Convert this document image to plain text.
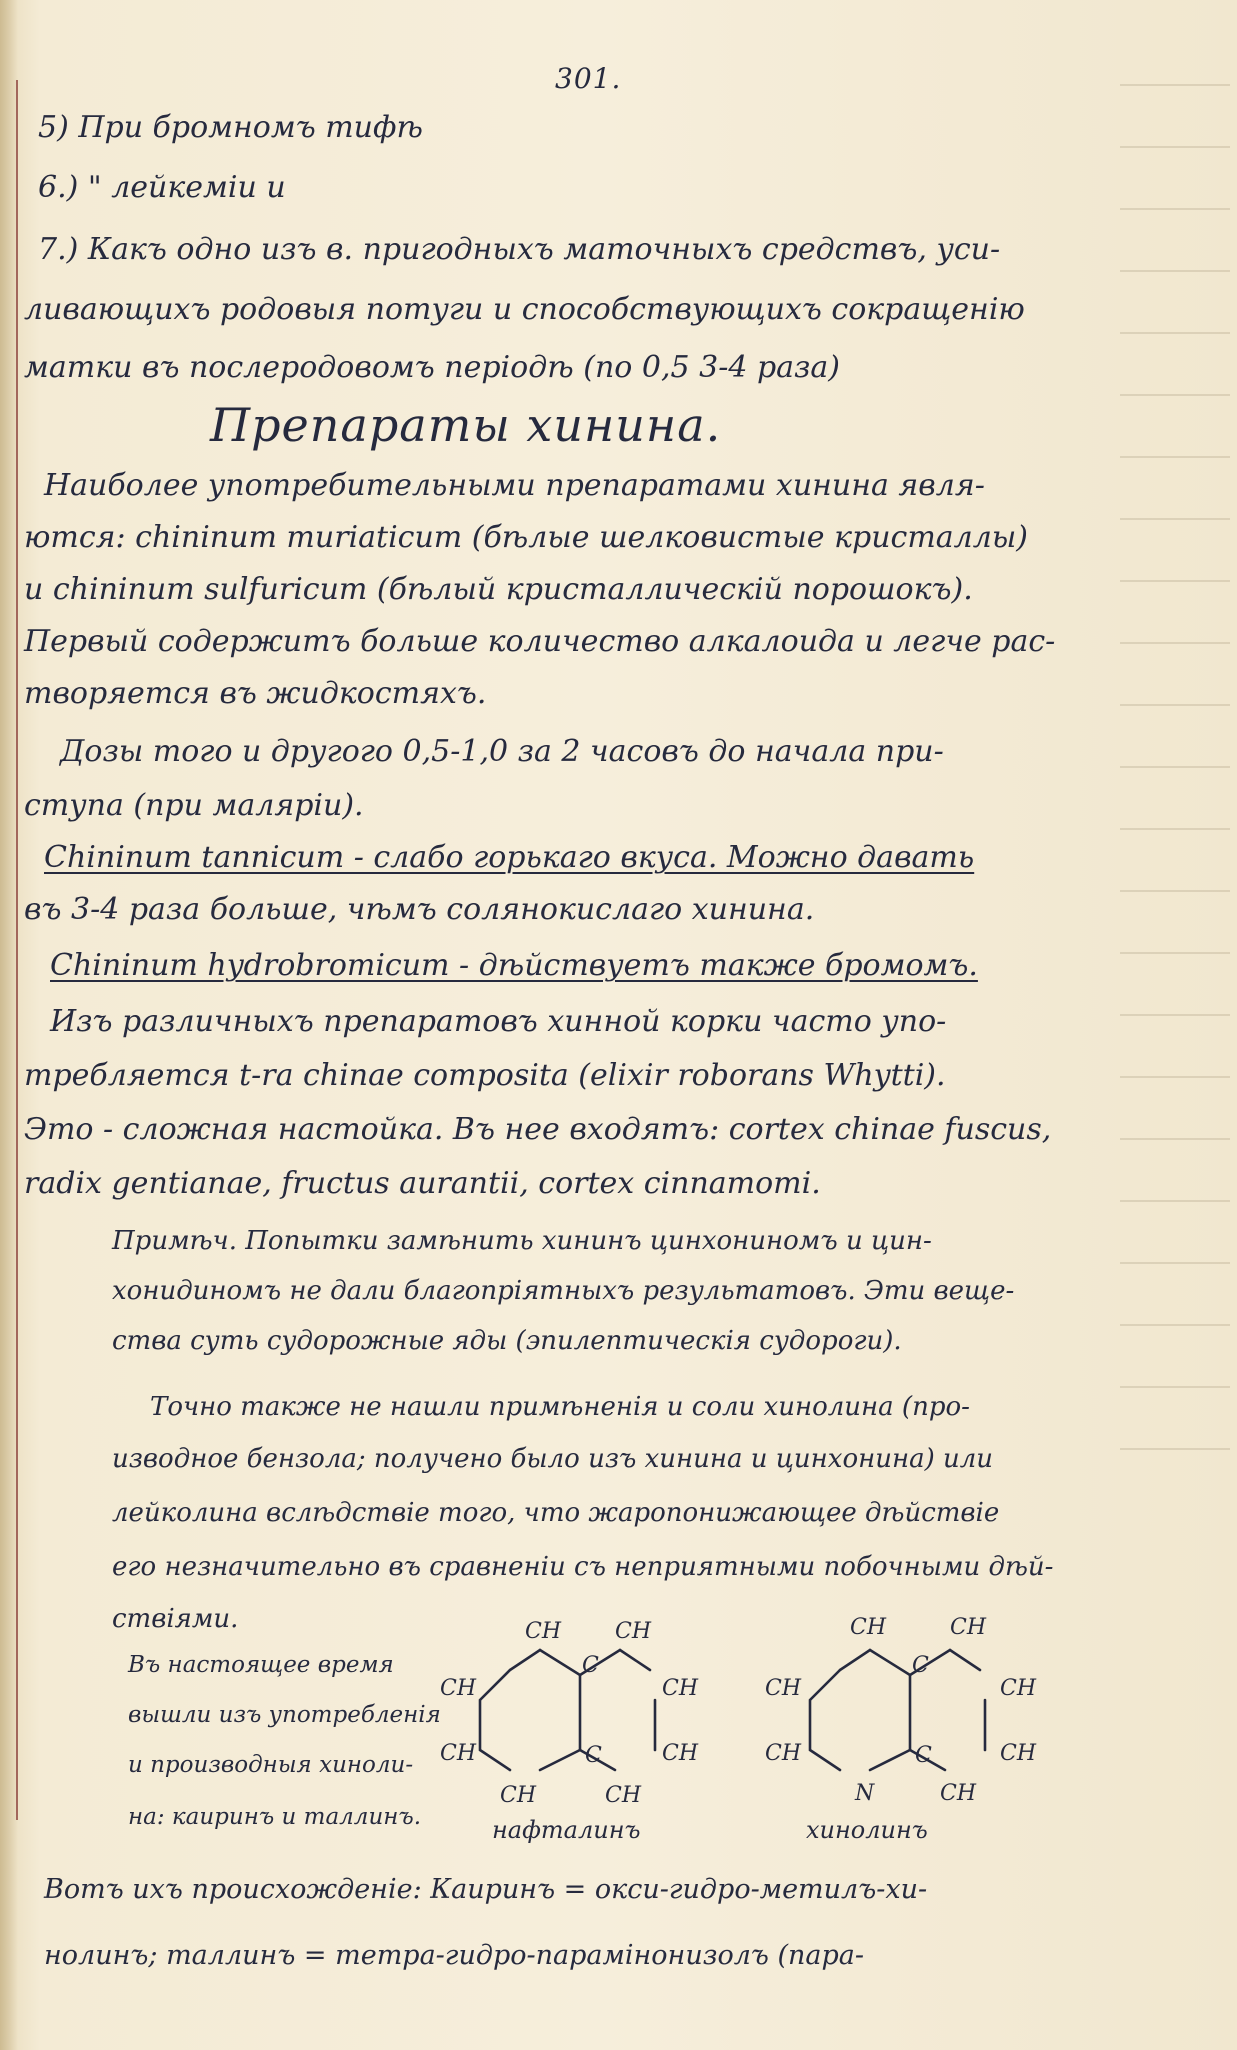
301.
5) При бромномъ тифѣ
6.) " лейкеміи и
7.) Какъ одно изъ в. пригодныхъ маточныхъ средствъ, уси-
ливающихъ родовыя потуги и способствующихъ сокращенію
матки въ послеродовомъ періодѣ (по 0,5 3-4 раза)
Препараты хинина.
Наиболее употребительными препаратами хинина явля-
ются: chininum muriaticum (бѣлые шелковистые кристаллы)
и chininum sulfuricum (бѣлый кристаллическій порошокъ).
Первый содержитъ больше количество алкалоида и легче рас-
творяется въ жидкостяхъ.
Дозы того и другого 0,5-1,0 за 2 часовъ до начала при-
ступа (при малярiи).
Chininum tannicum - слабо горькаго вкуса. Можно давать
въ 3-4 раза больше, чѣмъ солянокислаго хинина.
Chininum hydrobromicum - дѣйствуетъ также бромомъ.
Изъ различныхъ препаратовъ хинной корки часто упо-
требляется t-ra chinae composita (elixir roborans Whytti).
Это - сложная настойка. Въ нее входятъ: cortex chinae fuscus,
radix gentianae, fructus aurantii, cortex cinnamomi.
Примѣч. Попытки замѣнить хининъ цинхониномъ и цин-
хонидиномъ не дали благопріятныхъ результатовъ. Эти веще-
ства суть судорожные яды (эпилептическія судороги).
Точно также не нашли примѣненія и соли хинолина (про-
изводное бензола; получено было изъ хинина и цинхонина) или
лейколина вслѣдствіе того, что жаропонижающее дѣйствіе
его незначительно въ сравненіи съ неприятными побочными дѣй-
ствіями.
Въ настоящее время
вышли изъ употребленія
и производныя хиноли-
на: каиринъ и таллинъ.
CH CH
C
CH	CH
CH	CH
C
CH	CH
нафталинъ
CH	CH
C
CH	CH
CH	CH
C
N	CH
хинолинъ
Вотъ ихъ происхожденіе: Каиринъ = окси-гидро-метилъ-хи-
нолинъ; таллинъ = тетра-гидро-парамінонизолъ (пара-
